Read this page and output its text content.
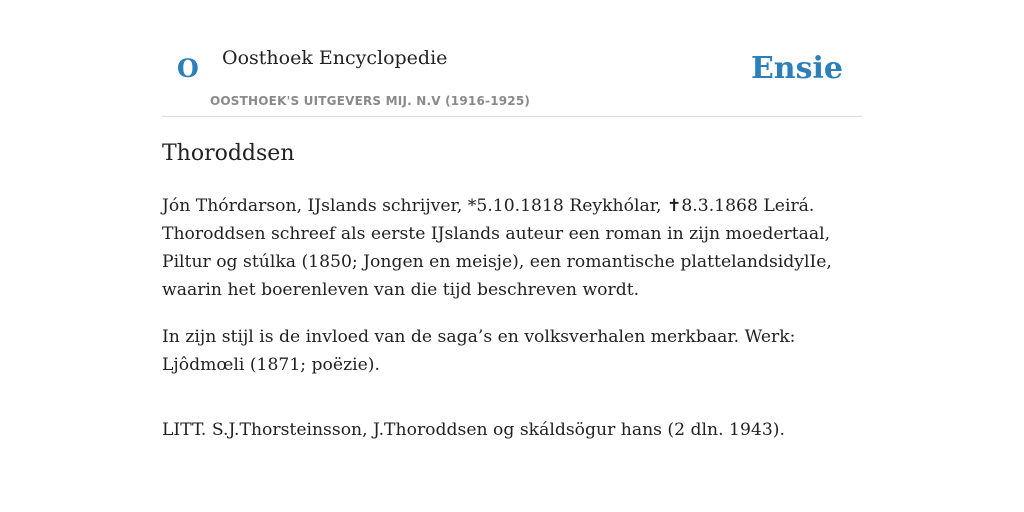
O Oosthoek Encyclopedie
OOSTHOEK'S UITGEVERS MIJ. N.V (1916-1925)
Ensie
Thoroddsen

Jón Thórdarson, IJslands schrijver, *5.10.1818 Reykhólar, ✝8.3.1868 Leirá. Thoroddsen schreef als eerste IJslands auteur een roman in zijn moedertaal, Piltur og stúlka (1850; Jongen en meisje), een romantische plattelandsidylIe, waarin het boerenleven van die tijd beschreven wordt.

In zijn stijl is de invloed van de saga’s en volksverhalen merkbaar. Werk: Ljôdmœli (1871; poëzie).

LITT. S.J.Thorsteinsson, J.Thoroddsen og skáldsögur hans (2 dln. 1943).
